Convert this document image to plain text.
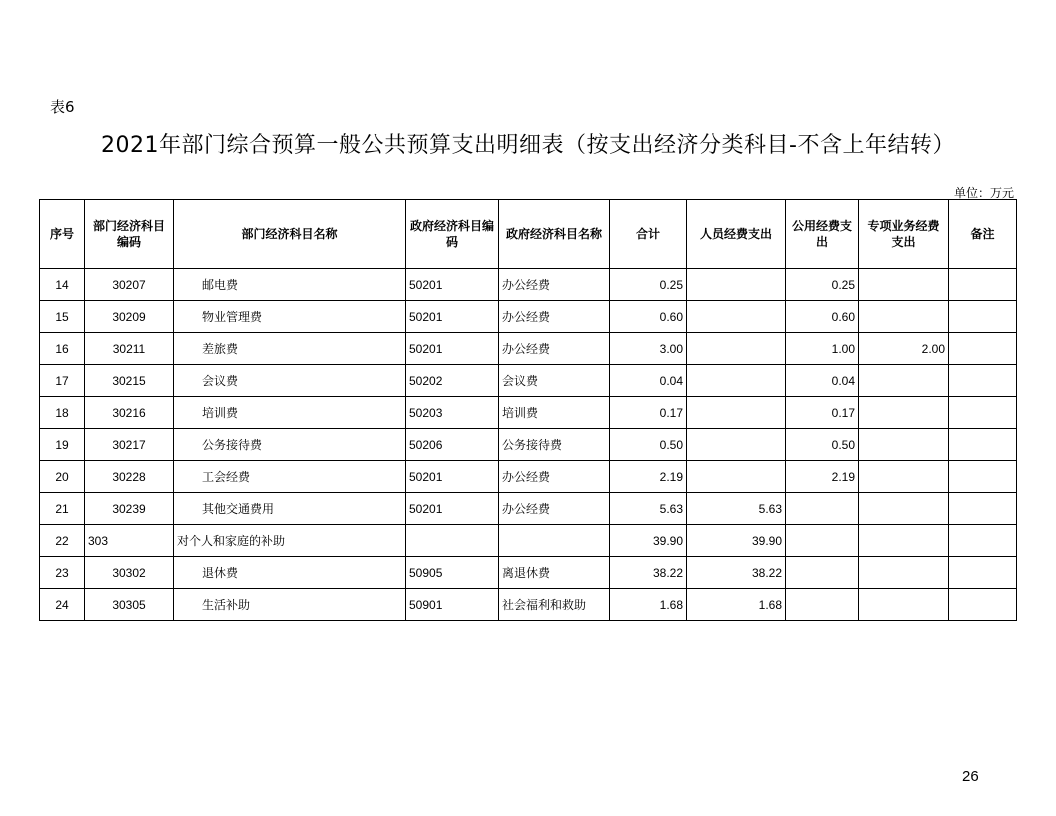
表6
2021年部门综合预算一般公共预算支出明细表（按支出经济分类科目-不含上年结转）
单位：万元
序号	部门经济科目编码	部门经济科目名称	政府经济科目编码	政府经济科目名称	合计	人员经费支出	公用经费支出	专项业务经费支出	备注
14	30207	邮电费	50201	办公经费	0.25		0.25		
15	30209	物业管理费	50201	办公经费	0.60		0.60		
16	30211	差旅费	50201	办公经费	3.00		1.00	2.00	
17	30215	会议费	50202	会议费	0.04		0.04		
18	30216	培训费	50203	培训费	0.17		0.17		
19	30217	公务接待费	50206	公务接待费	0.50		0.50		
20	30228	工会经费	50201	办公经费	2.19		2.19		
21	30239	其他交通费用	50201	办公经费	5.63	5.63			
22	303	对个人和家庭的补助			39.90	39.90			
23	30302	退休费	50905	离退休费	38.22	38.22			
24	30305	生活补助	50901	社会福利和救助	1.68	1.68			
26
